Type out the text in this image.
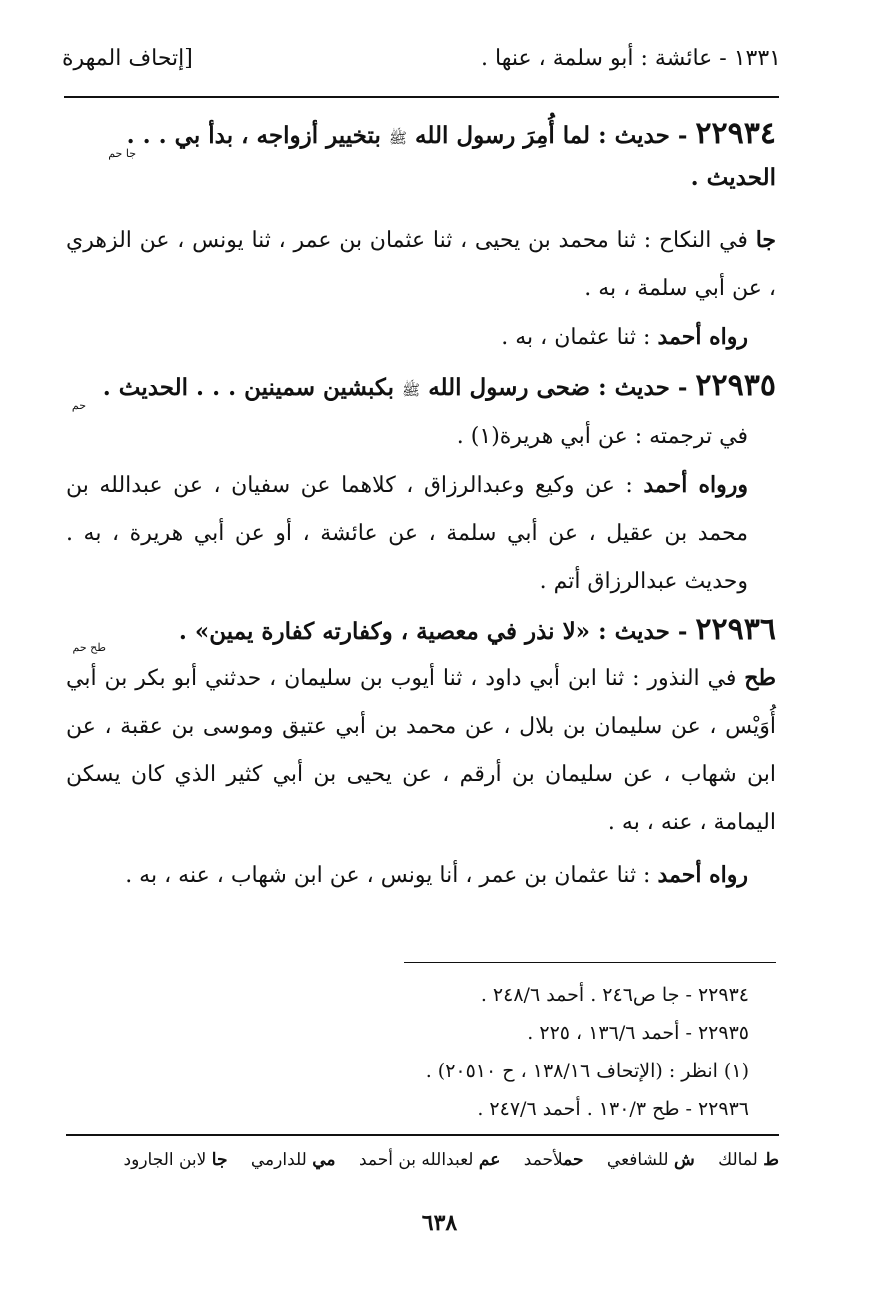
١٣٣١ - عائشة : أبو سلمة ، عنها .
[إتحاف المهرة

٢٢٩٣٤ - حديث : لما أُمِرَ رسول الله ﷺ بتخيير أزواجه ، بدأ بي . . .

جا حم

الحديث .

جا في النكاح : ثنا محمد بن يحيى ، ثنا عثمان بن عمر ، ثنا يونس ، عن الزهري ، عن أبي سلمة ، به .

رواه أحمد : ثنا عثمان ، به .

٢٢٩٣٥ - حديث : ضحى رسول الله ﷺ بكبشين سمينين . . . الحديث .

حم

في ترجمته : عن أبي هريرة(١) .

ورواه أحمد : عن وكيع وعبدالرزاق ، كلاهما عن سفيان ، عن عبدالله بن محمد بن عقيل ، عن أبي سلمة ، عن عائشة ، أو عن أبي هريرة ، به . وحديث عبدالرزاق أتم .

٢٢٩٣٦ - حديث : «لا نذر في معصية ، وكفارته كفارة يمين» .

طح حم

طح في النذور : ثنا ابن أبي داود ، ثنا أيوب بن سليمان ، حدثني أبو بكر بن أبي أُوَيْس ، عن سليمان بن بلال ، عن محمد بن أبي عتيق وموسى بن عقبة ، عن ابن شهاب ، عن سليمان بن أرقم ، عن يحيى بن أبي كثير الذي كان يسكن اليمامة ، عنه ، به .

رواه أحمد : ثنا عثمان بن عمر ، أنا يونس ، عن ابن شهاب ، عنه ، به .

٢٢٩٣٤ - جا ص٢٤٦ . أحمد ٢٤٨/٦ .
٢٢٩٣٥ - أحمد ١٣٦/٦ ، ٢٢٥ .
(١) انظر : (الإتحاف ١٣٨/١٦ ، ح ٢٠٥١٠) .
٢٢٩٣٦ - طح ١٣٠/٣ . أحمد ٢٤٧/٦ .
ط لمالك ش للشافعي حملأحمد عم لعبدالله بن أحمد مي للدارمي جا لابن الجارود
٦٣٨
